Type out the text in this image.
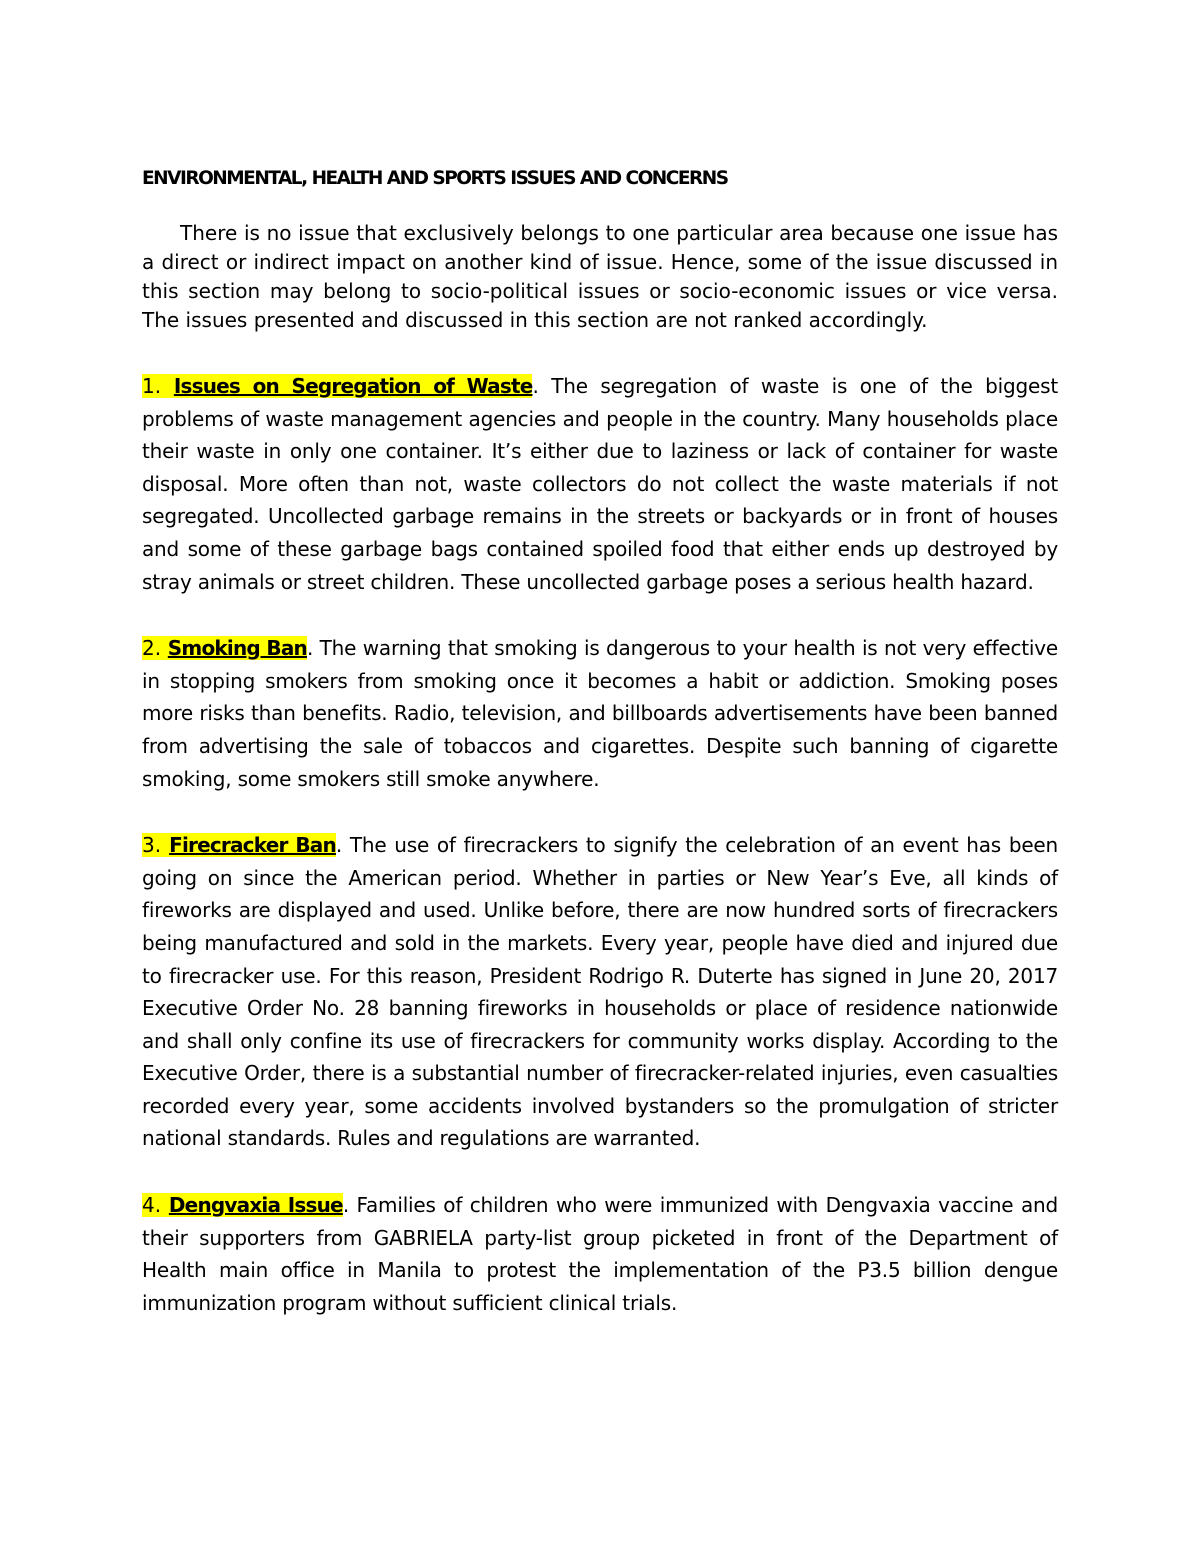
ENVIRONMENTAL, HEALTH AND SPORTS ISSUES AND CONCERNS

There is no issue that exclusively belongs to one particular area because one issue has a direct or indirect impact on another kind of issue. Hence, some of the issue discussed in this section may belong to socio-political issues or socio-economic issues or vice versa. The issues presented and discussed in this section are not ranked accordingly.

1. Issues on Segregation of Waste. The segregation of waste is one of the biggest problems of waste management agencies and people in the country. Many households place their waste in only one container. It’s either due to laziness or lack of container for waste disposal. More often than not, waste collectors do not collect the waste materials if not segregated. Uncollected garbage remains in the streets or backyards or in front of houses and some of these garbage bags contained spoiled food that either ends up destroyed by stray animals or street children. These uncollected garbage poses a serious health hazard.

2. Smoking Ban. The warning that smoking is dangerous to your health is not very effective in stopping smokers from smoking once it becomes a habit or addiction. Smoking poses more risks than benefits. Radio, television, and billboards advertisements have been banned from advertising the sale of tobaccos and cigarettes. Despite such banning of cigarette smoking, some smokers still smoke anywhere.

3. Firecracker Ban. The use of firecrackers to signify the celebration of an event has been going on since the American period. Whether in parties or New Year’s Eve, all kinds of fireworks are displayed and used. Unlike before, there are now hundred sorts of firecrackers being manufactured and sold in the markets. Every year, people have died and injured due to firecracker use. For this reason, President Rodrigo R. Duterte has signed in June 20, 2017 Executive Order No. 28 banning fireworks in households or place of residence nationwide and shall only confine its use of firecrackers for community works display. According to the Executive Order, there is a substantial number of firecracker-related injuries, even casualties recorded every year, some accidents involved bystanders so the promulgation of stricter national standards. Rules and regulations are warranted.

4. Dengvaxia Issue. Families of children who were immunized with Dengvaxia vaccine and their supporters from GABRIELA party-list group picketed in front of the Department of Health main office in Manila to protest the implementation of the P3.5 billion dengue immunization program without sufficient clinical trials.
